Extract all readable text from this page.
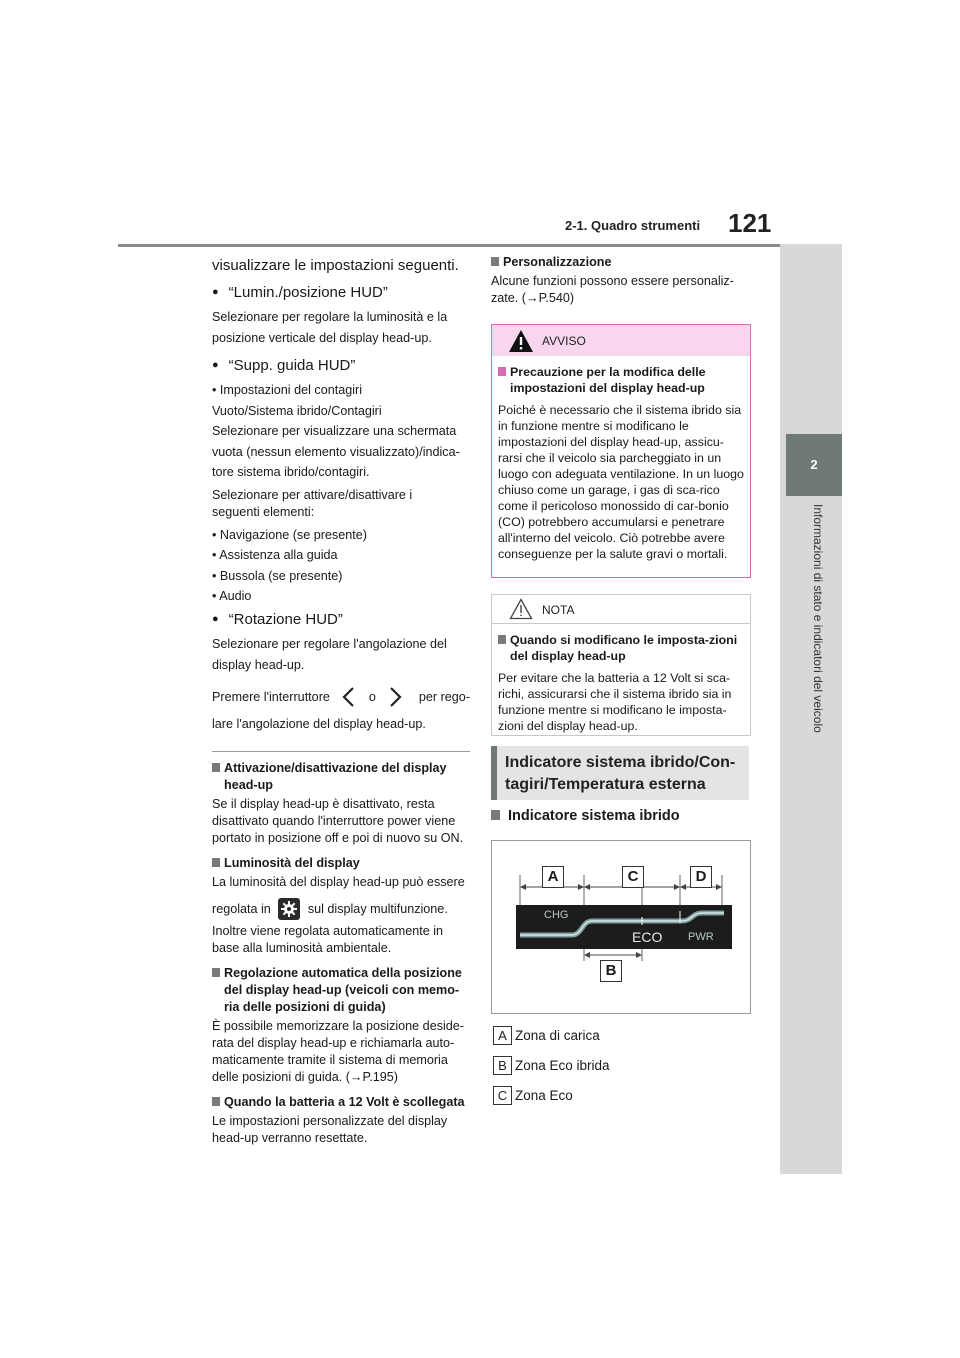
2-1. Quadro strumenti 121
2
Informazioni di stato e indicatori del veicolo

visualizzare le impostazioni seguenti.

● “Lumin./posizione HUD”

Selezionare per regolare la luminosità e la
posizione verticale del display head-up.

● “Supp. guida HUD”
• Impostazioni del contagiri
Vuoto/Sistema ibrido/Contagiri
Selezionare per visualizzare una schermata
vuota (nessun elemento visualizzato)/indica-
tore sistema ibrido/contagiri.
Selezionare per attivare/disattivare i
seguenti elementi:
• Navigazione (se presente)
• Assistenza alla guida
• Bussola (se presente)
• Audio
● “Rotazione HUD”
Selezionare per regolare l'angolazione del
display head-up.
Premere l'interruttore	o	per rego-
lare l'angolazione del display head-up.
Attivazione/disattivazione del display head-up

Se il display head-up è disattivato, resta disattivato quando l'interruttore power viene portato in posizione off e poi di nuovo su ON.

Luminosità del display
La luminosità del display head-up può essere
regolata in	sul display multifunzione.

Inoltre viene regolata automaticamente in base alla luminosità ambientale.

Regolazione automatica della posizione del display head-up (veicoli con memo-ria delle posizioni di guida)

È possibile memorizzare la posizione deside-rata del display head-up e richiamarla auto-maticamente tramite il sistema di memoria delle posizioni di guida. (→P.195)

Quando la batteria a 12 Volt è scollegata

Le impostazioni personalizzate del display head-up verranno resettate.

Personalizzazione

Alcune funzioni possono essere personaliz-zate. (→P.540)

AVVISO
Precauzione per la modifica delle impostazioni del display head-up

Poiché è necessario che il sistema ibrido sia in funzione mentre si modificano le impostazioni del display head-up, assicu-rarsi che il veicolo sia parcheggiato in un luogo con adeguata ventilazione. In un luogo chiuso come un garage, i gas di sca-rico come il pericoloso monossido di car-bonio (CO) potrebbero accumularsi e penetrare all'interno del veicolo. Ciò potrebbe avere conseguenze per la salute gravi o mortali.

NOTA
Quando si modificano le imposta-zioni del display head-up

Per evitare che la batteria a 12 Volt si sca-richi, assicurarsi che il sistema ibrido sia in funzione mentre si modificano le imposta-zioni del display head-up.

Indicatore sistema ibrido/Con-tagiri/Temperatura esterna
Indicatore sistema ibrido
A	C	D
B
CHG
ECO PWR
A Zona di carica
B Zona Eco ibrida
C Zona Eco
